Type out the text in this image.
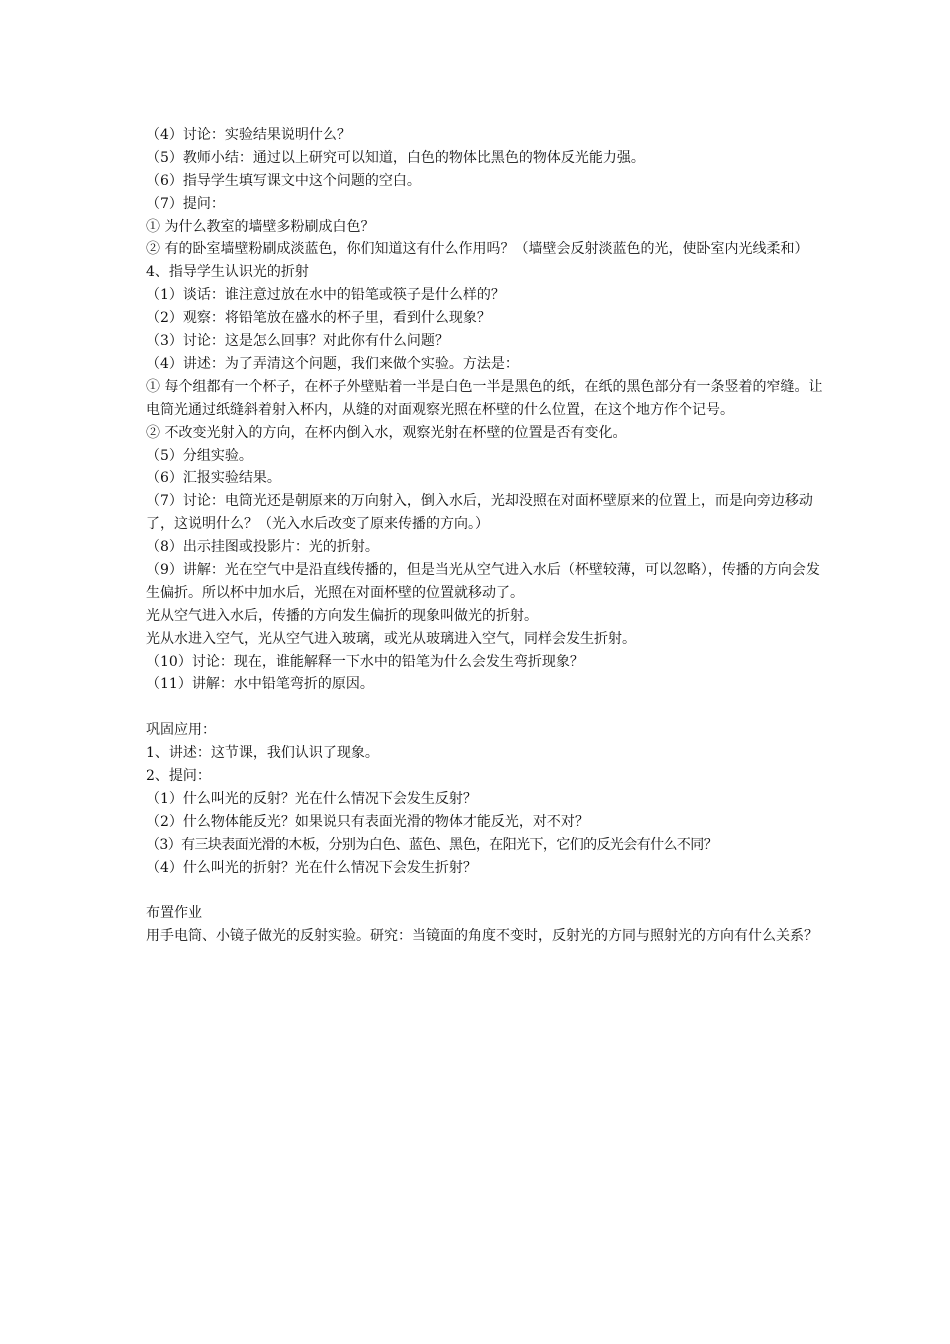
（4）讨论：实验结果说明什么？

（5）教师小结：通过以上研究可以知道，白色的物体比黑色的物体反光能力强。

（6）指导学生填写课文中这个问题的空白。

（7）提问：

① 为什么教室的墙壁多粉刷成白色？

② 有的卧室墙壁粉刷成淡蓝色，你们知道这有什么作用吗？（墙壁会反射淡蓝色的光，使卧室内光线柔和）

4、指导学生认识光的折射

（1）谈话：谁注意过放在水中的铅笔或筷子是什么样的？

（2）观察：将铅笔放在盛水的杯子里，看到什么现象？

（3）讨论：这是怎么回事？对此你有什么问题？

（4）讲述：为了弄清这个问题，我们来做个实验。方法是：

① 每个组都有一个杯子，在杯子外壁贴着一半是白色一半是黑色的纸，在纸的黑色部分有一条竖着的窄缝。让电筒光通过纸缝斜着射入杯内，从缝的对面观察光照在杯壁的什么位置，在这个地方作个记号。

② 不改变光射入的方向，在杯内倒入水，观察光射在杯壁的位置是否有变化。

（5）分组实验。

（6）汇报实验结果。

（7）讨论：电筒光还是朝原来的万向射入，倒入水后，光却没照在对面杯壁原来的位置上，而是向旁边移动了，这说明什么？（光入水后改变了原来传播的方向。）

（8）出示挂图或投影片：光的折射。

（9）讲解：光在空气中是沿直线传播的，但是当光从空气进入水后（杯壁较薄，可以忽略），传播的方向会发生偏折。所以杯中加水后，光照在对面杯壁的位置就移动了。

光从空气进入水后，传播的方向发生偏折的现象叫做光的折射。

光从水进入空气，光从空气进入玻璃，或光从玻璃进入空气，同样会发生折射。

（10）讨论：现在，谁能解释一下水中的铅笔为什么会发生弯折现象？

（11）讲解：水中铅笔弯折的原因。

巩固应用：

1、讲述：这节课，我们认识了现象。

2、提问：

（1）什么叫光的反射？光在什么情况下会发生反射？

（2）什么物体能反光？如果说只有表面光滑的物体才能反光，对不对？

（3）有三块表面光滑的木板，分别为白色、蓝色、黑色，在阳光下，它们的反光会有什么不同？

（4）什么叫光的折射？光在什么情况下会发生折射？

布置作业

用手电筒、小镜子做光的反射实验。研究：当镜面的角度不变时，反射光的方同与照射光的方向有什么关系？
